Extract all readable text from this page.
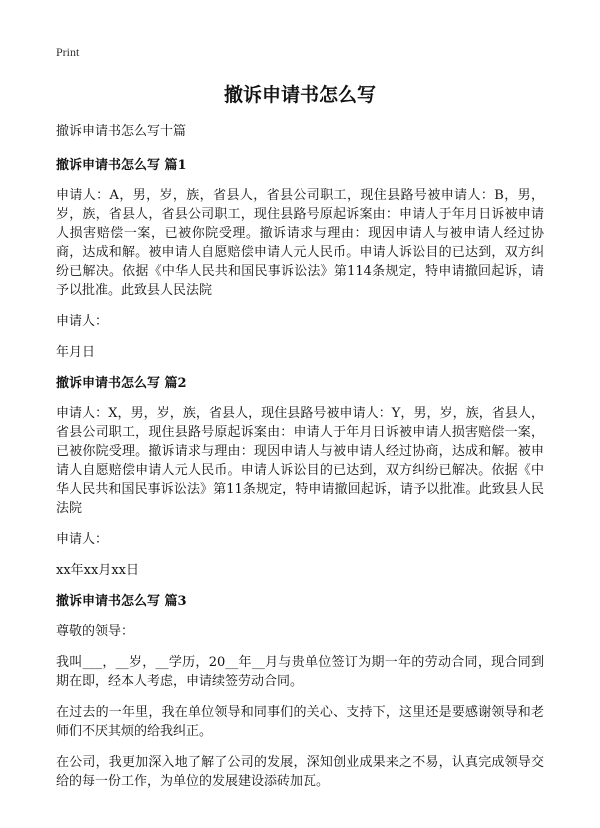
Print
撤诉申请书怎么写
撤诉申请书怎么写十篇
撤诉申请书怎么写 篇1

申请人：A，男，岁，族，省县人，省县公司职工，现住县路号被申请人：B，男，岁，族，省县人，省县公司职工，现住县路号原起诉案由：申请人于年月日诉被申请人损害赔偿一案，已被你院受理。撤诉请求与理由：现因申请人与被申请人经过协商，达成和解。被申请人自愿赔偿申请人元人民币。申请人诉讼目的已达到，双方纠纷已解决。依据《中华人民共和国民事诉讼法》第114条规定，特申请撤回起诉，请予以批准。此致县人民法院

申请人：

年月日

撤诉申请书怎么写 篇2

申请人：X，男，岁，族，省县人，现住县路号被申请人：Y，男，岁，族，省县人，省县公司职工，现住县路号原起诉案由：申请人于年月日诉被申请人损害赔偿一案，已被你院受理。撤诉请求与理由：现因申请人与被申请人经过协商，达成和解。被申请人自愿赔偿申请人元人民币。申请人诉讼目的已达到，双方纠纷已解决。依据《中华人民共和国民事诉讼法》第11条规定，特申请撤回起诉，请予以批准。此致县人民法院

申请人：

xx年xx月xx日

撤诉申请书怎么写 篇3

尊敬的领导：

我叫___，__岁，__学历，20__年__月与贵单位签订为期一年的劳动合同，现合同到期在即，经本人考虑，申请续签劳动合同。

在过去的一年里，我在单位领导和同事们的关心、支持下，这里还是要感谢领导和老师们不厌其烦的给我纠正。

在公司，我更加深入地了解了公司的发展，深知创业成果来之不易，认真完成领导交给的每一份工作，为单位的发展建设添砖加瓦。
